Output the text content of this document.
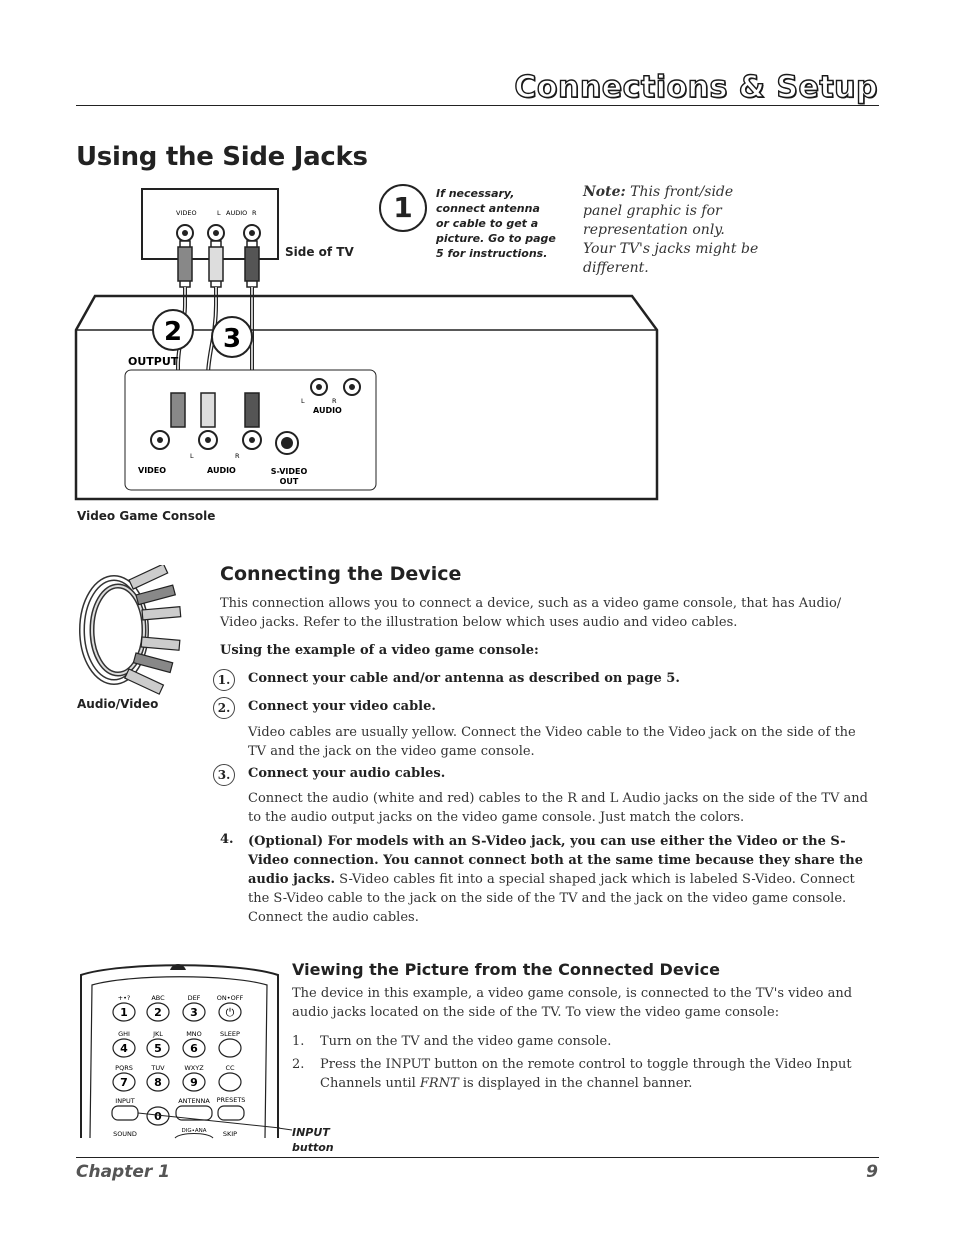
Connections & Setup
Using the Side Jacks
VIDEO	L AUDIO R
Side of TV
2 3
OUTPUT
VIDEO	AUDIO
L	R
S-VIDEO
OUT
AUDIO
L	R
1	If necessary,
connect antenna
or cable to get a
picture. Go to page
5 for instructions.
Note: This front/side
panel graphic is for
representation only.
Your TV's jacks might be
different.
Video Game Console
Audio/Video
Connecting the Device
This connection allows you to connect a device, such as a video game console, that has Audio/ Video jacks. Refer to the illustration below which uses audio and video cables.
Using the example of a video game console:
1.	Connect your cable and/or antenna as described on page 5.
2.	Connect your video cable.
Video cables are usually yellow. Connect the Video cable to the Video jack on the side of the TV and the jack on the video game console.
3.	Connect your audio cables.
Connect the audio (white and red) cables to the R and L Audio jacks on the side of the TV and to the audio output jacks on the video game console. Just match the colors.
4. (Optional) For models with an S-Video jack, you can use either the Video or the S-Video connection. You cannot connect both at the same time because they share the audio jacks. S-Video cables fit into a special shaped jack which is labeled S-Video. Connect the S-Video cable to the jack on the side of the TV and the jack on the video game console. Connect the audio cables.
1
+•?
2
ABC
3
DEF
4
GHI
5
JKL
6
MNO
7
PQRS
8
TUV
9
WXYZ
⏻
ON•OFF
SLEEP
CC
INPUT
0
ANTENNA PRESETS
SOUND	DIG•ANA	SKIP	INPUT
button
Viewing the Picture from the Connected Device
The device in this example, a video game console, is connected to the TV's video and audio jacks located on the side of the TV. To view the video game console:
1. Turn on the TV and the video game console.
2. Press the INPUT button on the remote control to toggle through the Video Input Channels until FRNT is displayed in the channel banner.
Chapter 1	9
